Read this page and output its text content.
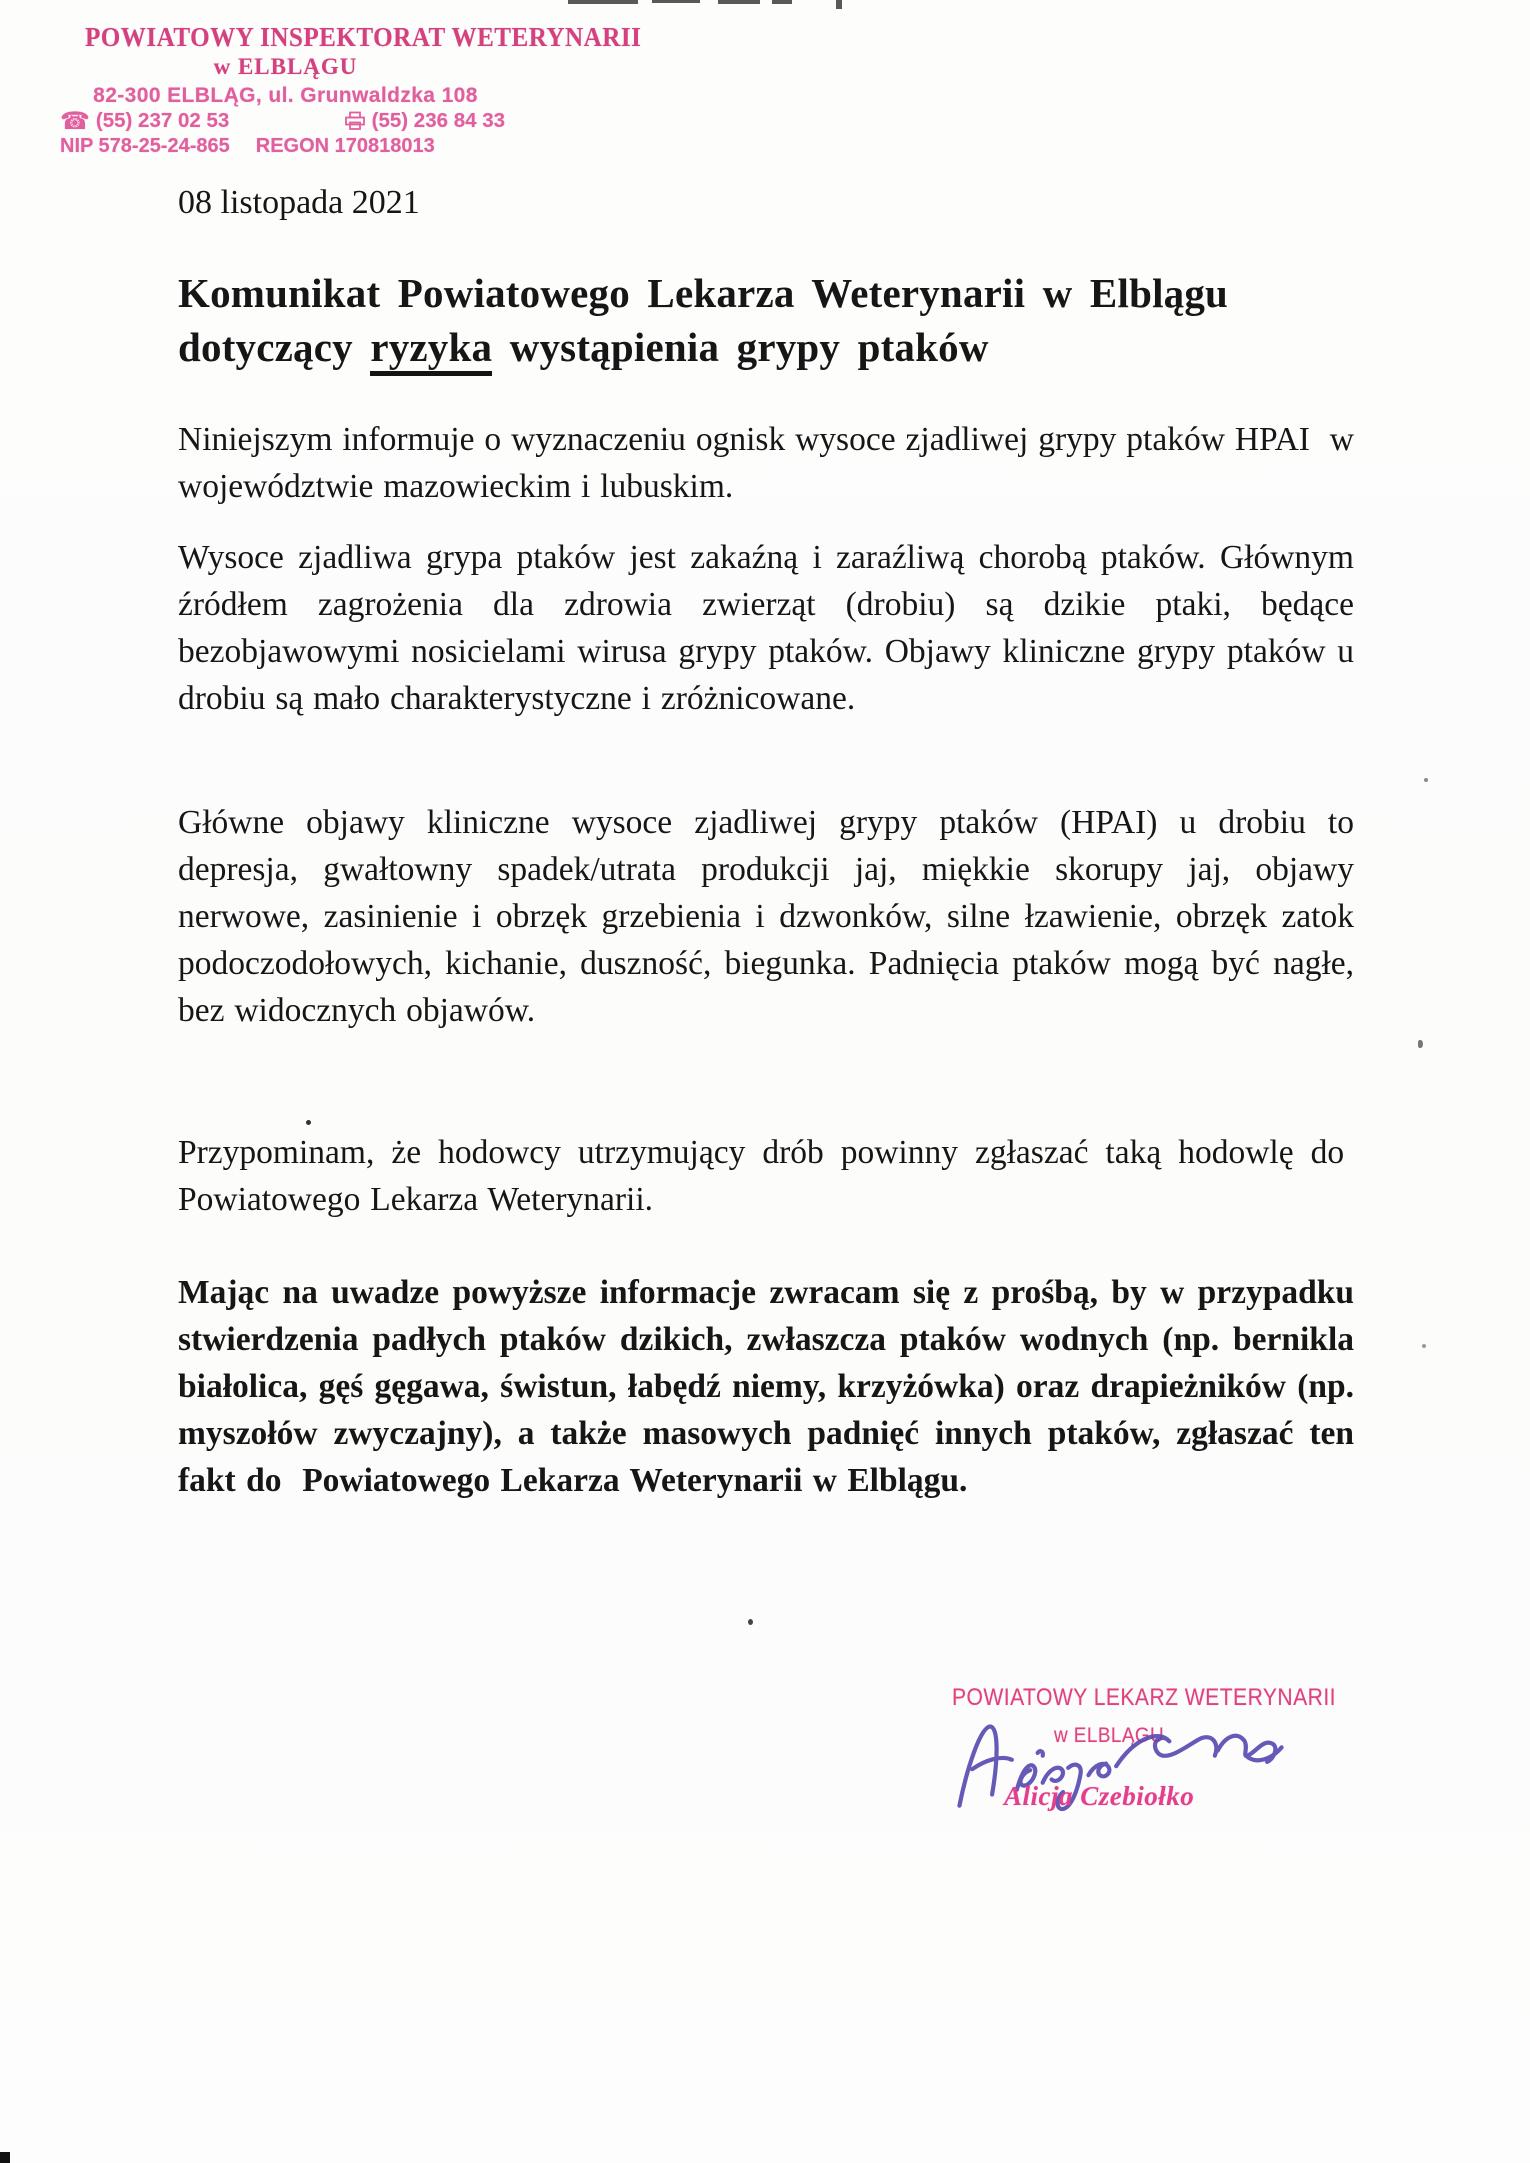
POWIATOWY INSPEKTORAT WETERYNARII
w ELBLĄGU
82-300 ELBLĄG, ul. Grunwaldzka 108
☎ (55) 237 02 53	(55) 236 84 33
NIP 578-25-24-865 REGON 170818013
08 listopada 2021
Komunikat Powiatowego Lekarza Weterynarii w Elblągu
dotyczący ryzyka wystąpienia grypy ptaków

Niniejszym informuje o wyznaczeniu ognisk wysoce zjadliwej grypy ptaków HPAI  w województwie mazowieckim i lubuskim.

Wysoce zjadliwa grypa ptaków jest zakaźną i zaraźliwą chorobą ptaków. Głównym źródłem zagrożenia dla zdrowia zwierząt (drobiu) są dzikie ptaki, będące bezobjawowymi nosicielami wirusa grypy ptaków. Objawy kliniczne grypy ptaków u drobiu są mało charakterystyczne i zróżnicowane.

Główne objawy kliniczne wysoce zjadliwej grypy ptaków (HPAI) u drobiu to depresja, gwałtowny spadek/utrata produkcji jaj, miękkie skorupy jaj, objawy nerwowe, zasinienie i obrzęk grzebienia i dzwonków, silne łzawienie, obrzęk zatok podoczodołowych, kichanie, duszność, biegunka. Padnięcia ptaków mogą być nagłe, bez widocznych objawów.

Przypominam, że hodowcy utrzymujący drób powinny zgłaszać taką hodowlę do  Powiatowego Lekarza Weterynarii.

Mając na uwadze powyższe informacje zwracam się z prośbą, by w przypadku stwierdzenia padłych ptaków dzikich, zwłaszcza ptaków wodnych (np. bernikla białolica, gęś gęgawa, świstun, łabędź niemy, krzyżówka) oraz drapieżników (np. myszołów zwyczajny), a także masowych padnięć innych ptaków, zgłaszać ten fakt do  Powiatowego Lekarza Weterynarii w Elblągu.

POWIATOWY LEKARZ WETERYNARII
w ELBLĄGU
Alicja Czebiołko
